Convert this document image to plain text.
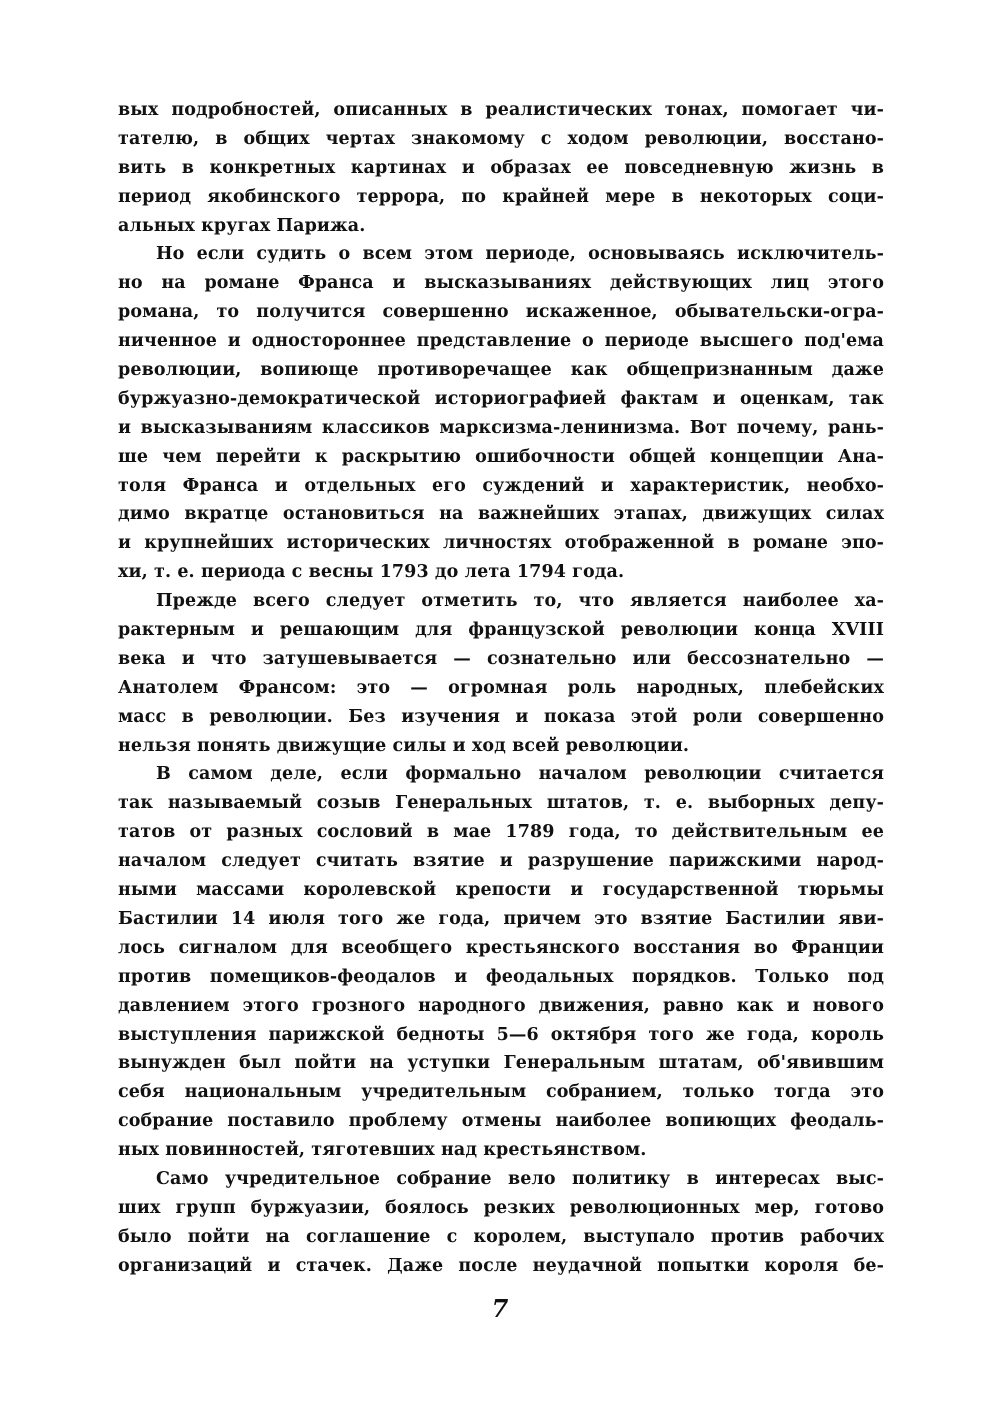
вых подробностей, описанных в реалистических тонах, помогает чи-
тателю, в общих чертах знакомому с ходом революции, восстано-
вить в конкретных картинах и образах ее повседневную жизнь в
период якобинского террора, по крайней мере в некоторых соци-
альных кругах Парижа.
Но если судить о всем этом периоде, основываясь исключитель-
но на романе Франса и высказываниях действующих лиц этого
романа, то получится совершенно искаженное, обывательски-огра-
ниченное и одностороннее представление о периоде высшего под'ема
революции, вопиюще противоречащее как общепризнанным даже
буржуазно-демократической историографией фактам и оценкам, так
и высказываниям классиков марксизма-ленинизма. Вот почему, рань-
ше чем перейти к раскрытию ошибочности общей концепции Ана-
толя Франса и отдельных его суждений и характеристик, необхо-
димо вкратце остановиться на важнейших этапах, движущих силах
и крупнейших исторических личностях отображенной в романе эпо-
хи, т. е. периода с весны 1793 до лета 1794 года.
Прежде всего следует отметить то, что является наиболее ха-
рактерным и решающим для французской революции конца XVIII
века и что затушевывается — сознательно или бессознательно —
Анатолем Франсом: это — огромная роль народных, плебейских
масс в революции. Без изучения и показа этой роли совершенно
нельзя понять движущие силы и ход всей революции.
В самом деле, если формально началом революции считается
так называемый созыв Генеральных штатов, т. е. выборных депу-
татов от разных сословий в мае 1789 года, то действительным ее
началом следует считать взятие и разрушение парижскими народ-
ными массами королевской крепости и государственной тюрьмы
Бастилии 14 июля того же года, причем это взятие Бастилии яви-
лось сигналом для всеобщего крестьянского восстания во Франции
против помещиков-феодалов и феодальных порядков. Только под
давлением этого грозного народного движения, равно как и нового
выступления парижской бедноты 5—6 октября того же года, король
вынужден был пойти на уступки Генеральным штатам, об'явившим
себя национальным учредительным собранием, только тогда это
собрание поставило проблему отмены наиболее вопиющих феодаль-
ных повинностей, тяготевших над крестьянством.
Само учредительное собрание вело политику в интересах выс-
ших групп буржуазии, боялось резких революционных мер, готово
было пойти на соглашение с королем, выступало против рабочих
организаций и стачек. Даже после неудачной попытки короля бе-
7
